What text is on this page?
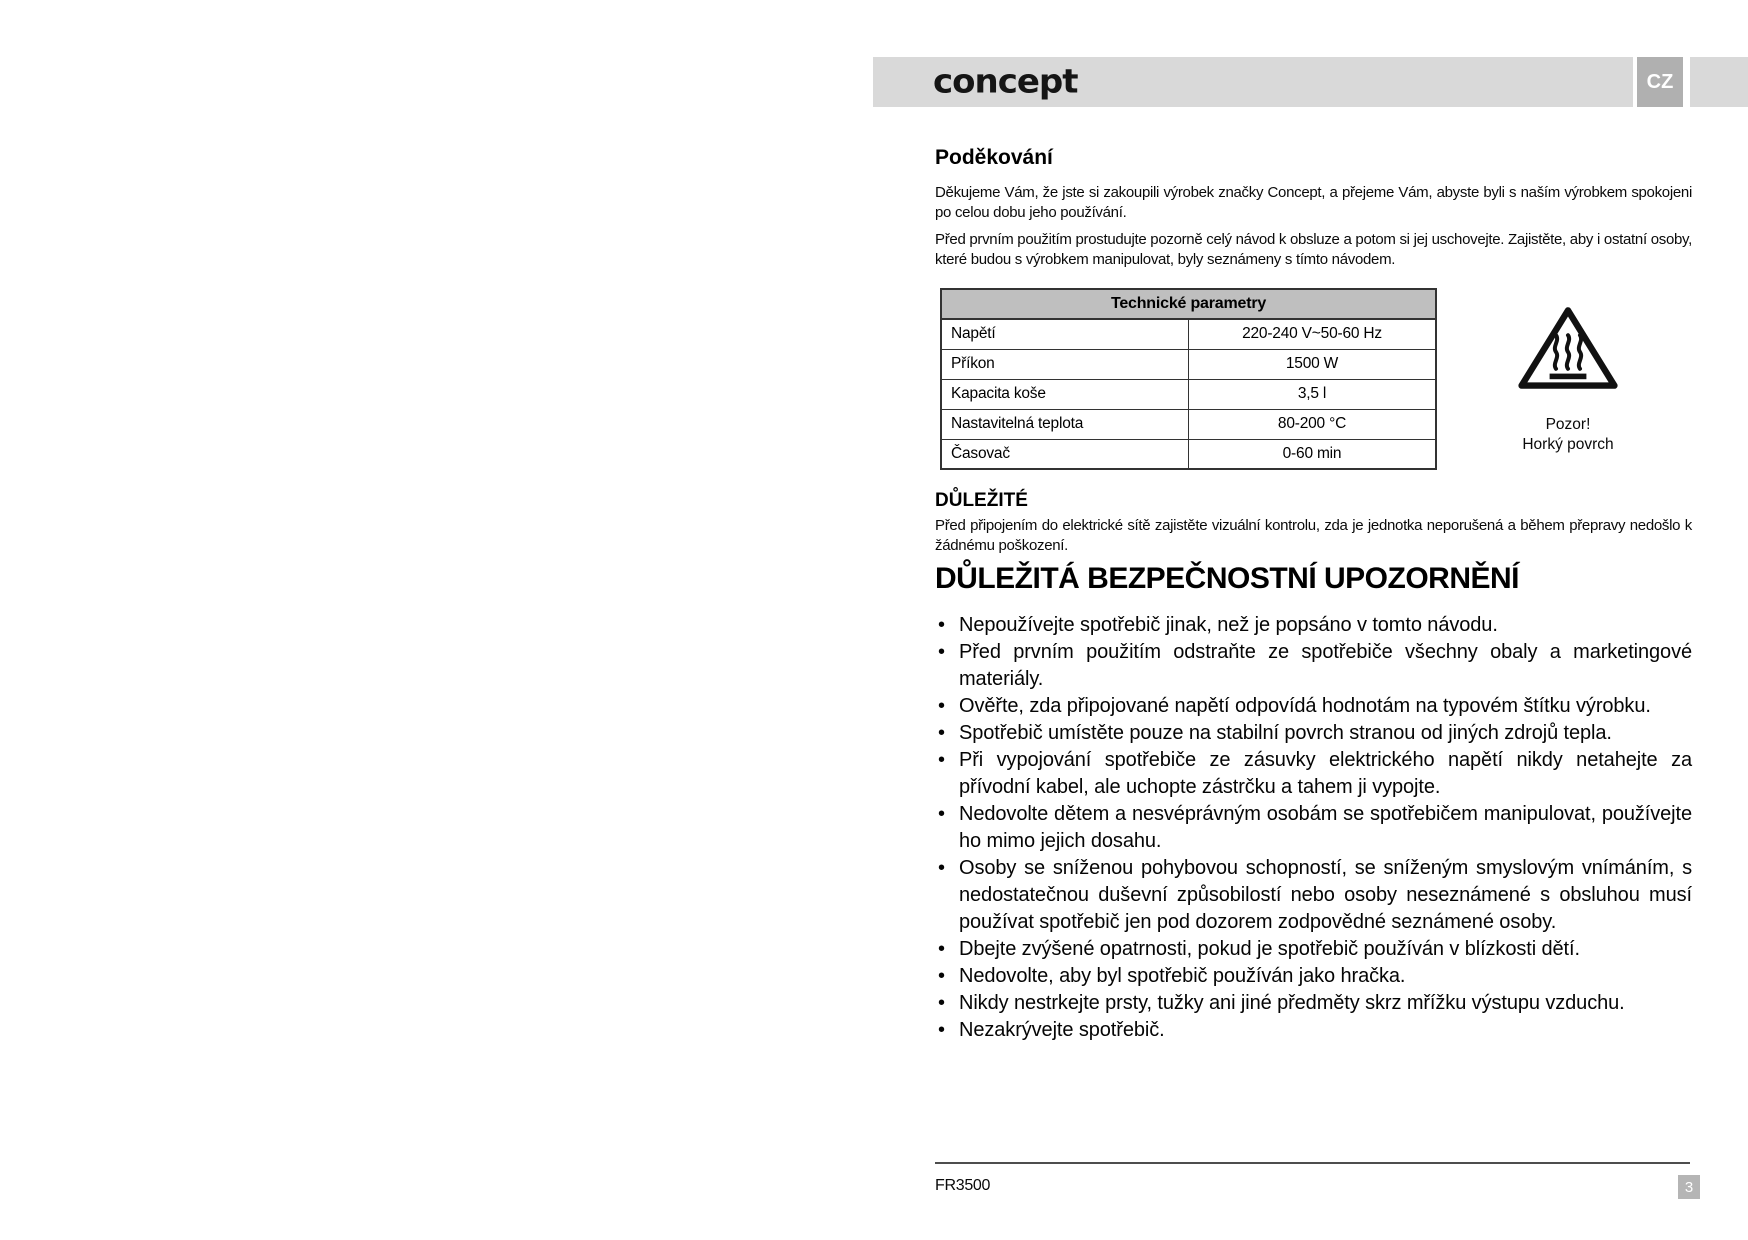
concept	CZ
Poděkování

Děkujeme Vám, že jste si zakoupili výrobek značky Concept, a přejeme Vám, abyste byli s naším výrobkem spokojeni po celou dobu jeho používání.

Před prvním použitím prostudujte pozorně celý návod k obsluze a potom si jej uschovejte. Zajistěte, aby i ostatní osoby, které budou s výrobkem manipulovat, byly seznámeny s tímto návodem.

Technické parametry	
Napětí	220-240 V~50-60 Hz
Příkon	1500 W
Kapacita koše	3,5 l
Nastavitelná teplota	80-200 °C
Časovač	0-60 min
Pozor!
Horký povrch
DŮLEŽITÉ

Před připojením do elektrické sítě zajistěte vizuální kontrolu, zda je jednotka neporušená a během přepravy nedošlo k žádnému poškození.

DŮLEŽITÁ BEZPEČNOSTNÍ UPOZORNĚNÍ
• Nepoužívejte spotřebič jinak, než je popsáno v tomto návodu.
• Před prvním použitím odstraňte ze spotřebiče všechny obaly a marketingové materiály.
• Ověřte, zda připojované napětí odpovídá hodnotám na typovém štítku výrobku.
• Spotřebič umístěte pouze na stabilní povrch stranou od jiných zdrojů tepla.
• Při vypojování spotřebiče ze zásuvky elektrického napětí nikdy netahejte za přívodní kabel, ale uchopte zástrčku a tahem ji vypojte.
• Nedovolte dětem a nesvéprávným osobám se spotřebičem manipulovat, používejte ho mimo jejich dosahu.
• Osoby se sníženou pohybovou schopností, se sníženým smyslovým vnímáním, s nedostatečnou duševní způsobilostí nebo osoby neseznámené s obsluhou musí používat spotřebič jen pod dozorem zodpovědné seznámené osoby.
• Dbejte zvýšené opatrnosti, pokud je spotřebič používán v blízkosti dětí.
• Nedovolte, aby byl spotřebič používán jako hračka.
• Nikdy nestrkejte prsty, tužky ani jiné předměty skrz mřížku výstupu vzduchu.
• Nezakrývejte spotřebič.
FR3500	3
